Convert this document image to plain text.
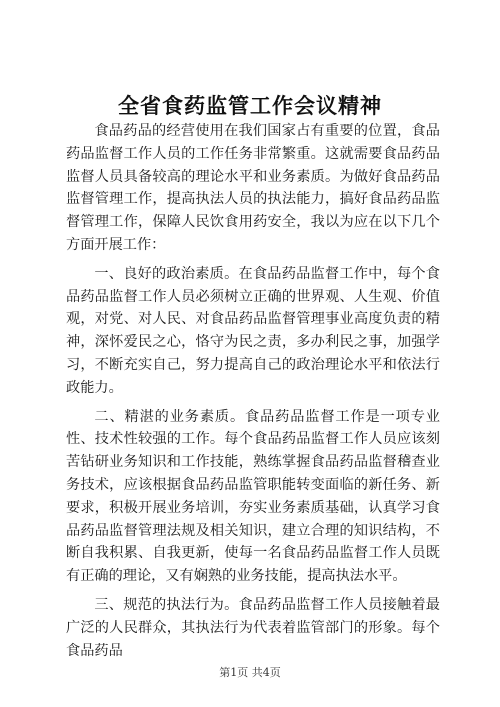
全省食药监管工作会议精神

食品药品的经营使用在我们国家占有重要的位置，食品药品监督工作人员的工作任务非常繁重。这就需要食品药品监督人员具备较高的理论水平和业务素质。为做好食品药品监督管理工作，提高执法人员的执法能力，搞好食品药品监督管理工作，保障人民饮食用药安全，我以为应在以下几个方面开展工作：

一、良好的政治素质。在食品药品监督工作中，每个食品药品监督工作人员必须树立正确的世界观、人生观、价值观，对党、对人民、对食品药品监督管理事业高度负责的精神，深怀爱民之心，恪守为民之责，多办利民之事，加强学习，不断充实自己，努力提高自己的政治理论水平和依法行政能力。

二、精湛的业务素质。食品药品监督工作是一项专业性、技术性较强的工作。每个食品药品监督工作人员应该刻苦钻研业务知识和工作技能，熟练掌握食品药品监督稽查业务技术，应该根据食品药品监管职能转变面临的新任务、新要求，积极开展业务培训，夯实业务素质基础，认真学习食品药品监督管理法规及相关知识，建立合理的知识结构，不断自我积累、自我更新，使每一名食品药品监督工作人员既有正确的理论，又有娴熟的业务技能，提高执法水平。

三、规范的执法行为。食品药品监督工作人员接触着最广泛的人民群众，其执法行为代表着监管部门的形象。每个食品药品

第1页 共4页
